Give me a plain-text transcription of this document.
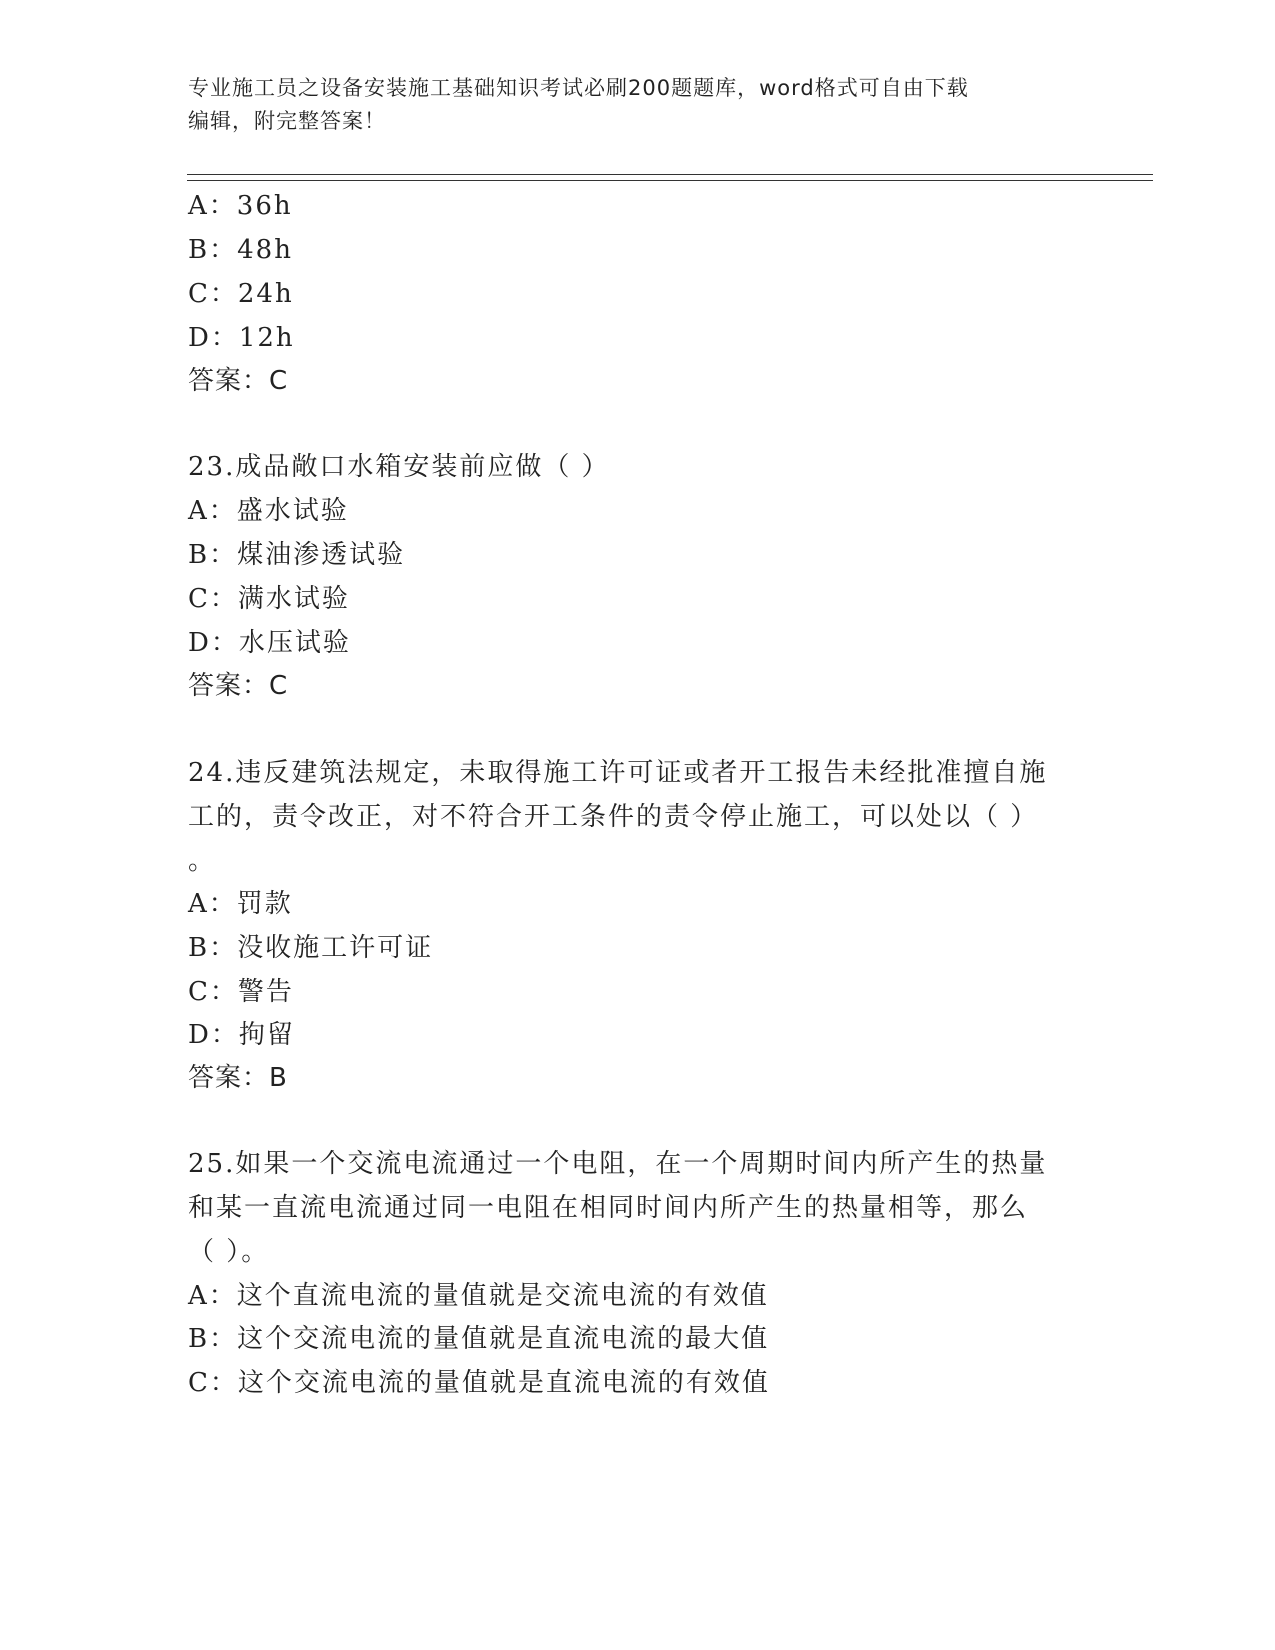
专业施工员之设备安装施工基础知识考试必刷200题题库，word格式可自由下载
编辑，附完整答案！
A：36h
B：48h
C：24h
D：12h
答案：C
23.成品敞口水箱安装前应做（ ）
A：盛水试验
B：煤油渗透试验
C：满水试验
D：水压试验
答案：C
24.违反建筑法规定，未取得施工许可证或者开工报告未经批准擅自施
工的，责令改正，对不符合开工条件的责令停止施工，可以处以（ ）
。
A：罚款
B：没收施工许可证
C：警告
D：拘留
答案：B
25.如果一个交流电流通过一个电阻，在一个周期时间内所产生的热量
和某一直流电流通过同一电阻在相同时间内所产生的热量相等，那么
（ ）。
A：这个直流电流的量值就是交流电流的有效值
B：这个交流电流的量值就是直流电流的最大值
C：这个交流电流的量值就是直流电流的有效值
